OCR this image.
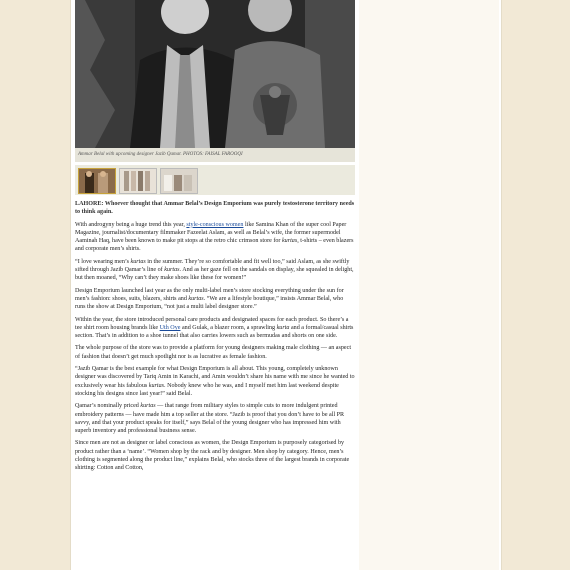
Ammar Belal with upcoming designer Jazib Qamar. PHOTOS: FAISAL FAROOQI

LAHORE: Whoever thought that Ammar Belal’s Design Emporium was purely testosterone territory needs to think again.

With androgyny being a huge trend this year, style-conscious women like Samina Khan of the super cool Paper Magazine, journalist/documentary filmmaker Fazeelat Aslam, as well as Belal’s wife, the former supermodel Aaminah Haq, have been known to make pit stops at the retro chic crimson store for kurtas, t-shirts – even blazers and corporate men’s shirts.

“I love wearing men’s kurtas in the summer. They’re so comfortable and fit well too,” said Aslam, as she swiftly sifted through Jazib Qamar’s line of kurtas. And as her gaze fell on the sandals on display, she squealed in delight, but then moaned, “Why can’t they make shoes like these for women!”

Design Emporium launched last year as the only multi-label men’s store stocking everything under the sun for men’s fashion: shoes, suits, blazers, shirts and kurtas. “We are a lifestyle boutique,” insists Ammar Belal, who runs the show at Design Emporium, “not just a multi label designer store.”

Within the year, the store introduced personal care products and designated spaces for each product. So there’s a tee shirt room housing brands like Uth Oye and Gulak, a blazer room, a sprawling kurta and a formal/casual shirts section. That’s in addition to a shoe tunnel that also carries lowers such as bermudas and shorts on one side.

The whole purpose of the store was to provide a platform for young designers making male clothing — an aspect of fashion that doesn’t get much spotlight nor is as lucrative as female fashion.

“Jazib Qamar is the best example for what Design Emporium is all about. This young, completely unknown designer was discovered by Tariq Amin in Karachi, and Amin wouldn’t share his name with me since he wanted to exclusively wear his fabulous kurtas. Nobody knew who he was, and I myself met him last weekend despite stocking his designs since last year!” said Belal.

Qamar’s nominally priced kurtas — that range from military styles to simple cuts to more indulgent printed embroidery patterns — have made him a top seller at the store. “Jazib is proof that you don’t have to be all PR savvy, and that your product speaks for itself,” says Belal of the young designer who has impressed him with superb inventory and professional business sense.

Since men are not as designer or label conscious as women, the Design Emporium is purposely categorised by product rather than a ‘name’. “Women shop by the rack and by designer. Men shop by category. Hence, men’s clothing is segmented along the product line,” explains Belal, who stocks three of the largest brands in corporate shirting: Cotton and Cotton,
